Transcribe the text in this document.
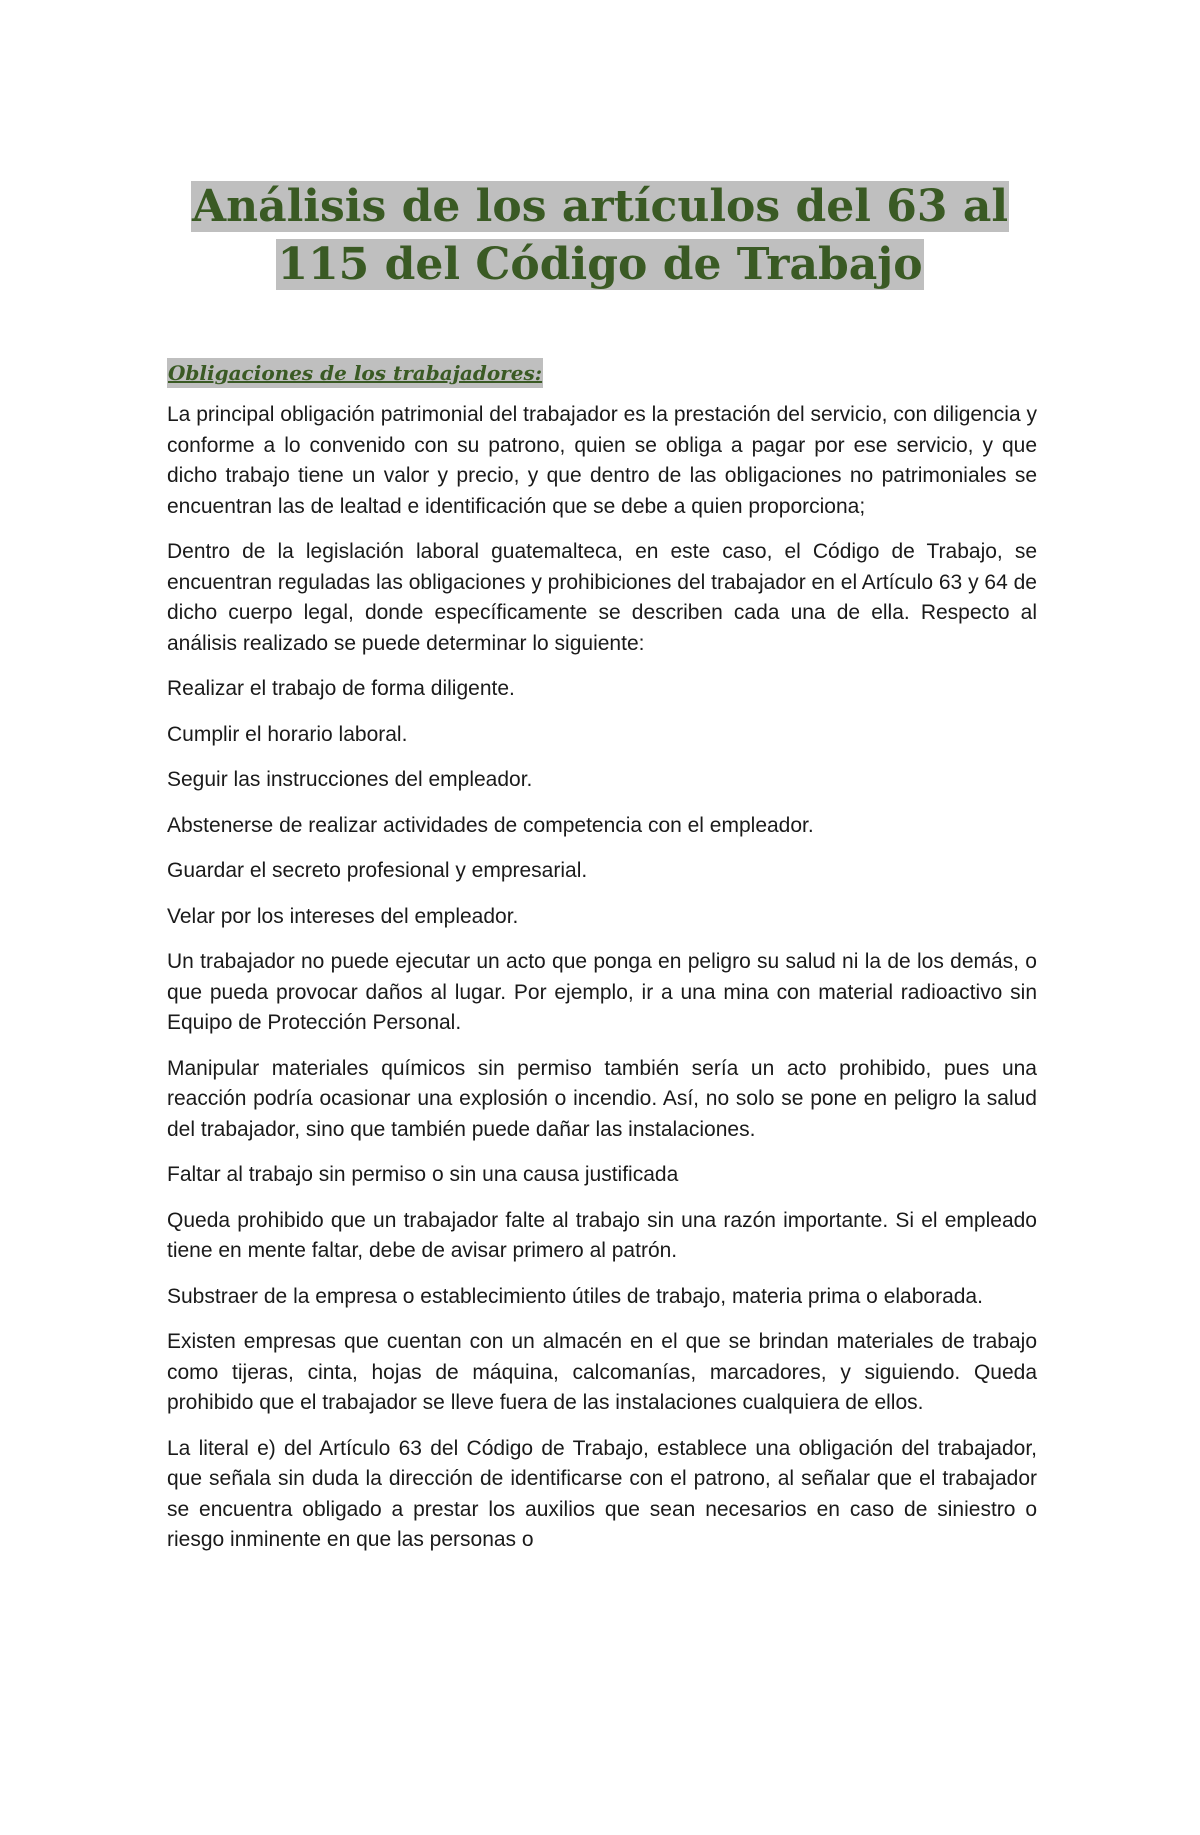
Análisis de los artículos del 63 al
115 del Código de Trabajo
Obligaciones de los trabajadores:

La principal obligación patrimonial del trabajador es la prestación del servicio, con diligencia y conforme a lo convenido con su patrono, quien se obliga a pagar por ese servicio, y que dicho trabajo tiene un valor y precio, y que dentro de las obligaciones no patrimoniales se encuentran las de lealtad e identificación que se debe a quien proporciona;

Dentro de la legislación laboral guatemalteca, en este caso, el Código de Trabajo, se encuentran reguladas las obligaciones y prohibiciones del trabajador en el Artículo 63 y 64 de dicho cuerpo legal, donde específicamente se describen cada una de ella. Respecto al análisis realizado se puede determinar lo siguiente:

Realizar el trabajo de forma diligente.

Cumplir el horario laboral.

Seguir las instrucciones del empleador.

Abstenerse de realizar actividades de competencia con el empleador.

Guardar el secreto profesional y empresarial.

Velar por los intereses del empleador.

Un trabajador no puede ejecutar un acto que ponga en peligro su salud ni la de los demás, o que pueda provocar daños al lugar. Por ejemplo, ir a una mina con material radioactivo sin Equipo de Protección Personal.

Manipular materiales químicos sin permiso también sería un acto prohibido, pues una reacción podría ocasionar una explosión o incendio. Así, no solo se pone en peligro la salud del trabajador, sino que también puede dañar las instalaciones.

Faltar al trabajo sin permiso o sin una causa justificada

Queda prohibido que un trabajador falte al trabajo sin una razón importante. Si el empleado tiene en mente faltar, debe de avisar primero al patrón.

Substraer de la empresa o establecimiento útiles de trabajo, materia prima o elaborada.

Existen empresas que cuentan con un almacén en el que se brindan materiales de trabajo como tijeras, cinta, hojas de máquina, calcomanías, marcadores, y siguiendo. Queda prohibido que el trabajador se lleve fuera de las instalaciones cualquiera de ellos.

La literal e) del Artículo 63 del Código de Trabajo, establece una obligación del trabajador, que señala sin duda la dirección de identificarse con el patrono, al señalar que el trabajador se encuentra obligado a prestar los auxilios que sean necesarios en caso de siniestro o riesgo inminente en que las personas o
